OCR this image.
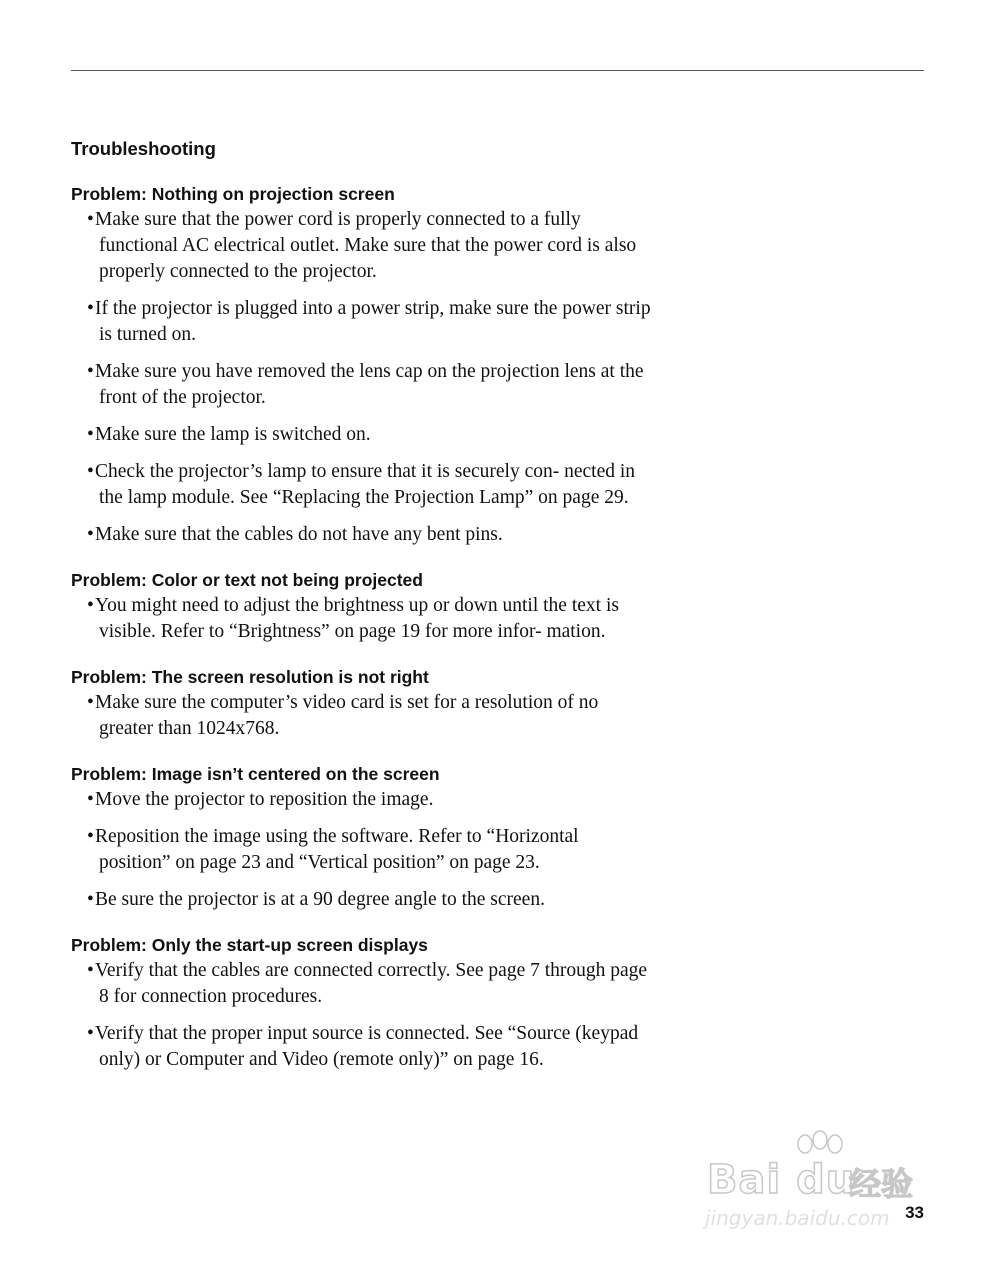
Troubleshooting
Problem: Nothing on projection screen
• Make sure that the power cord is properly connected to a fully functional AC electrical outlet. Make sure that the power cord is also properly connected to the projector.
• If the projector is plugged into a power strip, make sure the power strip is turned on.
• Make sure you have removed the lens cap on the projection lens at the front of the projector.
• Make sure the lamp is switched on.
• Check the projector’s lamp to ensure that it is securely con- nected in the lamp module. See “Replacing the Projection Lamp” on page 29.
• Make sure that the cables do not have any bent pins.
Problem: Color or text not being projected
• You might need to adjust the brightness up or down until the text is visible. Refer to “Brightness” on page 19 for more infor- mation.
Problem: The screen resolution is not right
• Make sure the computer’s video card is set for a resolution of no greater than 1024x768.
Problem: Image isn’t centered on the screen
• Move the projector to reposition the image.
• Reposition the image using the software. Refer to “Horizontal position” on page 23 and “Vertical position” on page 23.
• Be sure the projector is at a 90 degree angle to the screen.
Problem: Only the start-up screen displays
• Verify that the cables are connected correctly. See page 7 through page 8 for connection procedures.
• Verify that the proper input source is connected. See “Source (keypad only) or Computer and Video (remote only)” on page 16.
33
Bai du
经验
jingyan.baidu.com
